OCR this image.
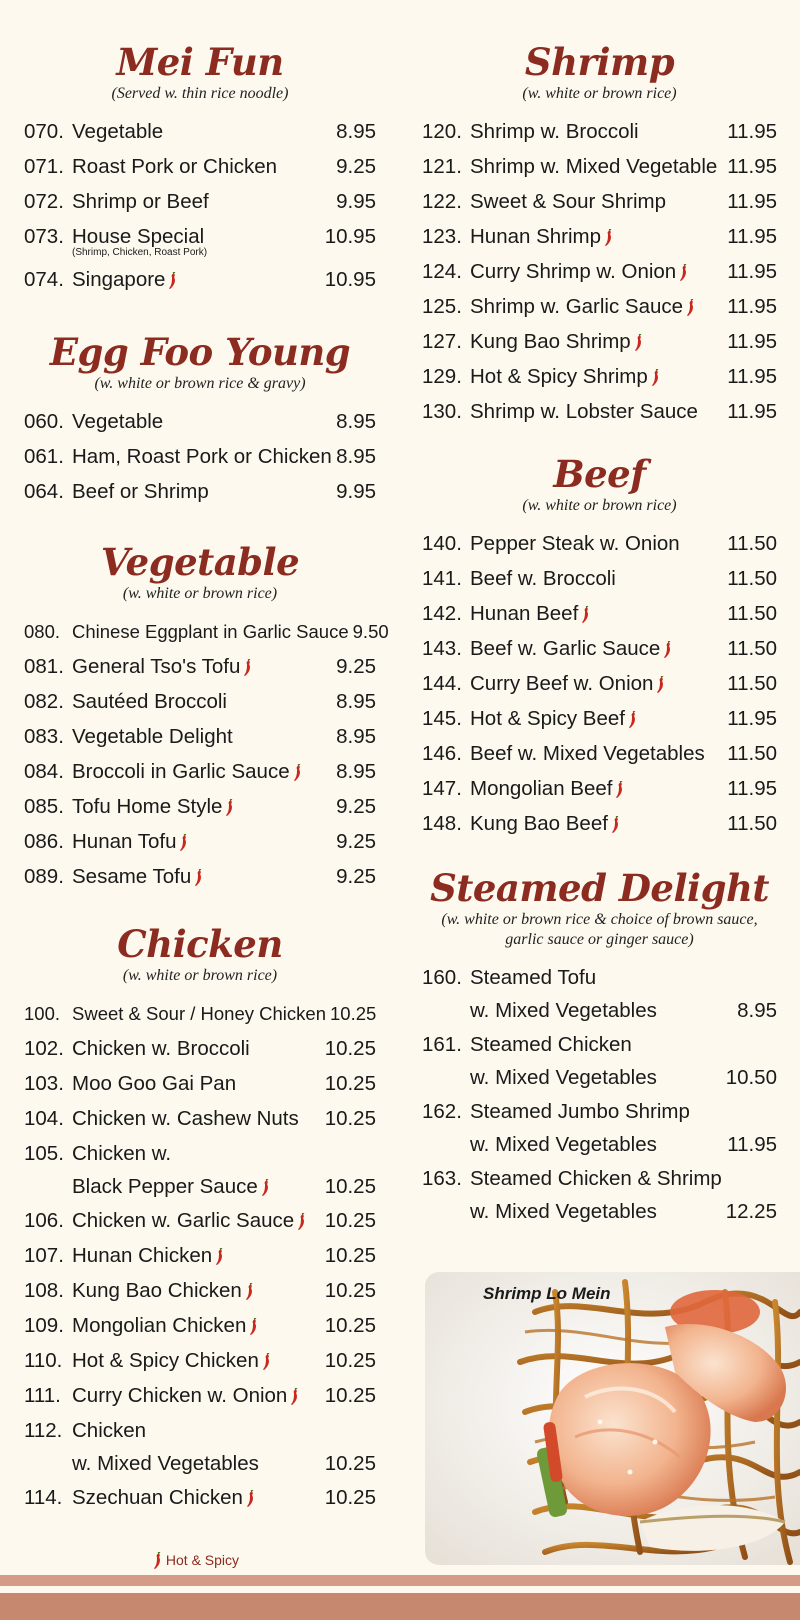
Mei Fun

(Served w. thin rice noodle)

070. Vegetable	8.95
071. Roast Pork or Chicken	9.25
072. Shrimp or Beef	9.95
073. House Special	10.95
(Shrimp, Chicken, Roast Pork)
074. Singapore	10.95
Egg Foo Young

(w. white or brown rice & gravy)

060. Vegetable	8.95
061. Ham, Roast Pork or Chicken 8.95
064. Beef or Shrimp	9.95
Vegetable

(w. white or brown rice)

080. Chinese Eggplant in Garlic Sauce 9.50
081. General Tso's Tofu	9.25
082. Sautéed Broccoli	8.95
083. Vegetable Delight	8.95
084. Broccoli in Garlic Sauce	8.95
085. Tofu Home Style	9.25
086. Hunan Tofu	9.25
089. Sesame Tofu	9.25
Chicken

(w. white or brown rice)

100. Sweet & Sour / Honey Chicken 10.25
102. Chicken w. Broccoli	10.25
103. Moo Goo Gai Pan	10.25
104. Chicken w. Cashew Nuts	10.25
105. Chicken w.
Black Pepper Sauce	10.25
106. Chicken w. Garlic Sauce	10.25
107. Hunan Chicken	10.25
108. Kung Bao Chicken	10.25
109. Mongolian Chicken	10.25
110. Hot & Spicy Chicken	10.25
111. Curry Chicken w. Onion	10.25
112. Chicken
w. Mixed Vegetables	10.25
114. Szechuan Chicken	10.25
Shrimp

(w. white or brown rice)

120. Shrimp w. Broccoli	11.95
121. Shrimp w. Mixed Vegetable 11.95
122. Sweet & Sour Shrimp	11.95
123. Hunan Shrimp	11.95
124. Curry Shrimp w. Onion	11.95
125. Shrimp w. Garlic Sauce	11.95
127. Kung Bao Shrimp	11.95
129. Hot & Spicy Shrimp	11.95
130. Shrimp w. Lobster Sauce	11.95
Beef

(w. white or brown rice)

140. Pepper Steak w. Onion	11.50
141. Beef w. Broccoli	11.50
142. Hunan Beef	11.50
143. Beef w. Garlic Sauce	11.50
144. Curry Beef w. Onion	11.50
145. Hot & Spicy Beef	11.95
146. Beef w. Mixed Vegetables	11.50
147. Mongolian Beef	11.95
148. Kung Bao Beef	11.50
Steamed Delight

(w. white or brown rice & choice of brown sauce, garlic sauce or ginger sauce)

160. Steamed Tofu
w. Mixed Vegetables	8.95
161. Steamed Chicken
w. Mixed Vegetables	10.50
162. Steamed Jumbo Shrimp
w. Mixed Vegetables	11.95
163. Steamed Chicken & Shrimp
w. Mixed Vegetables	12.25
Shrimp Lo Mein
Hot & Spicy
